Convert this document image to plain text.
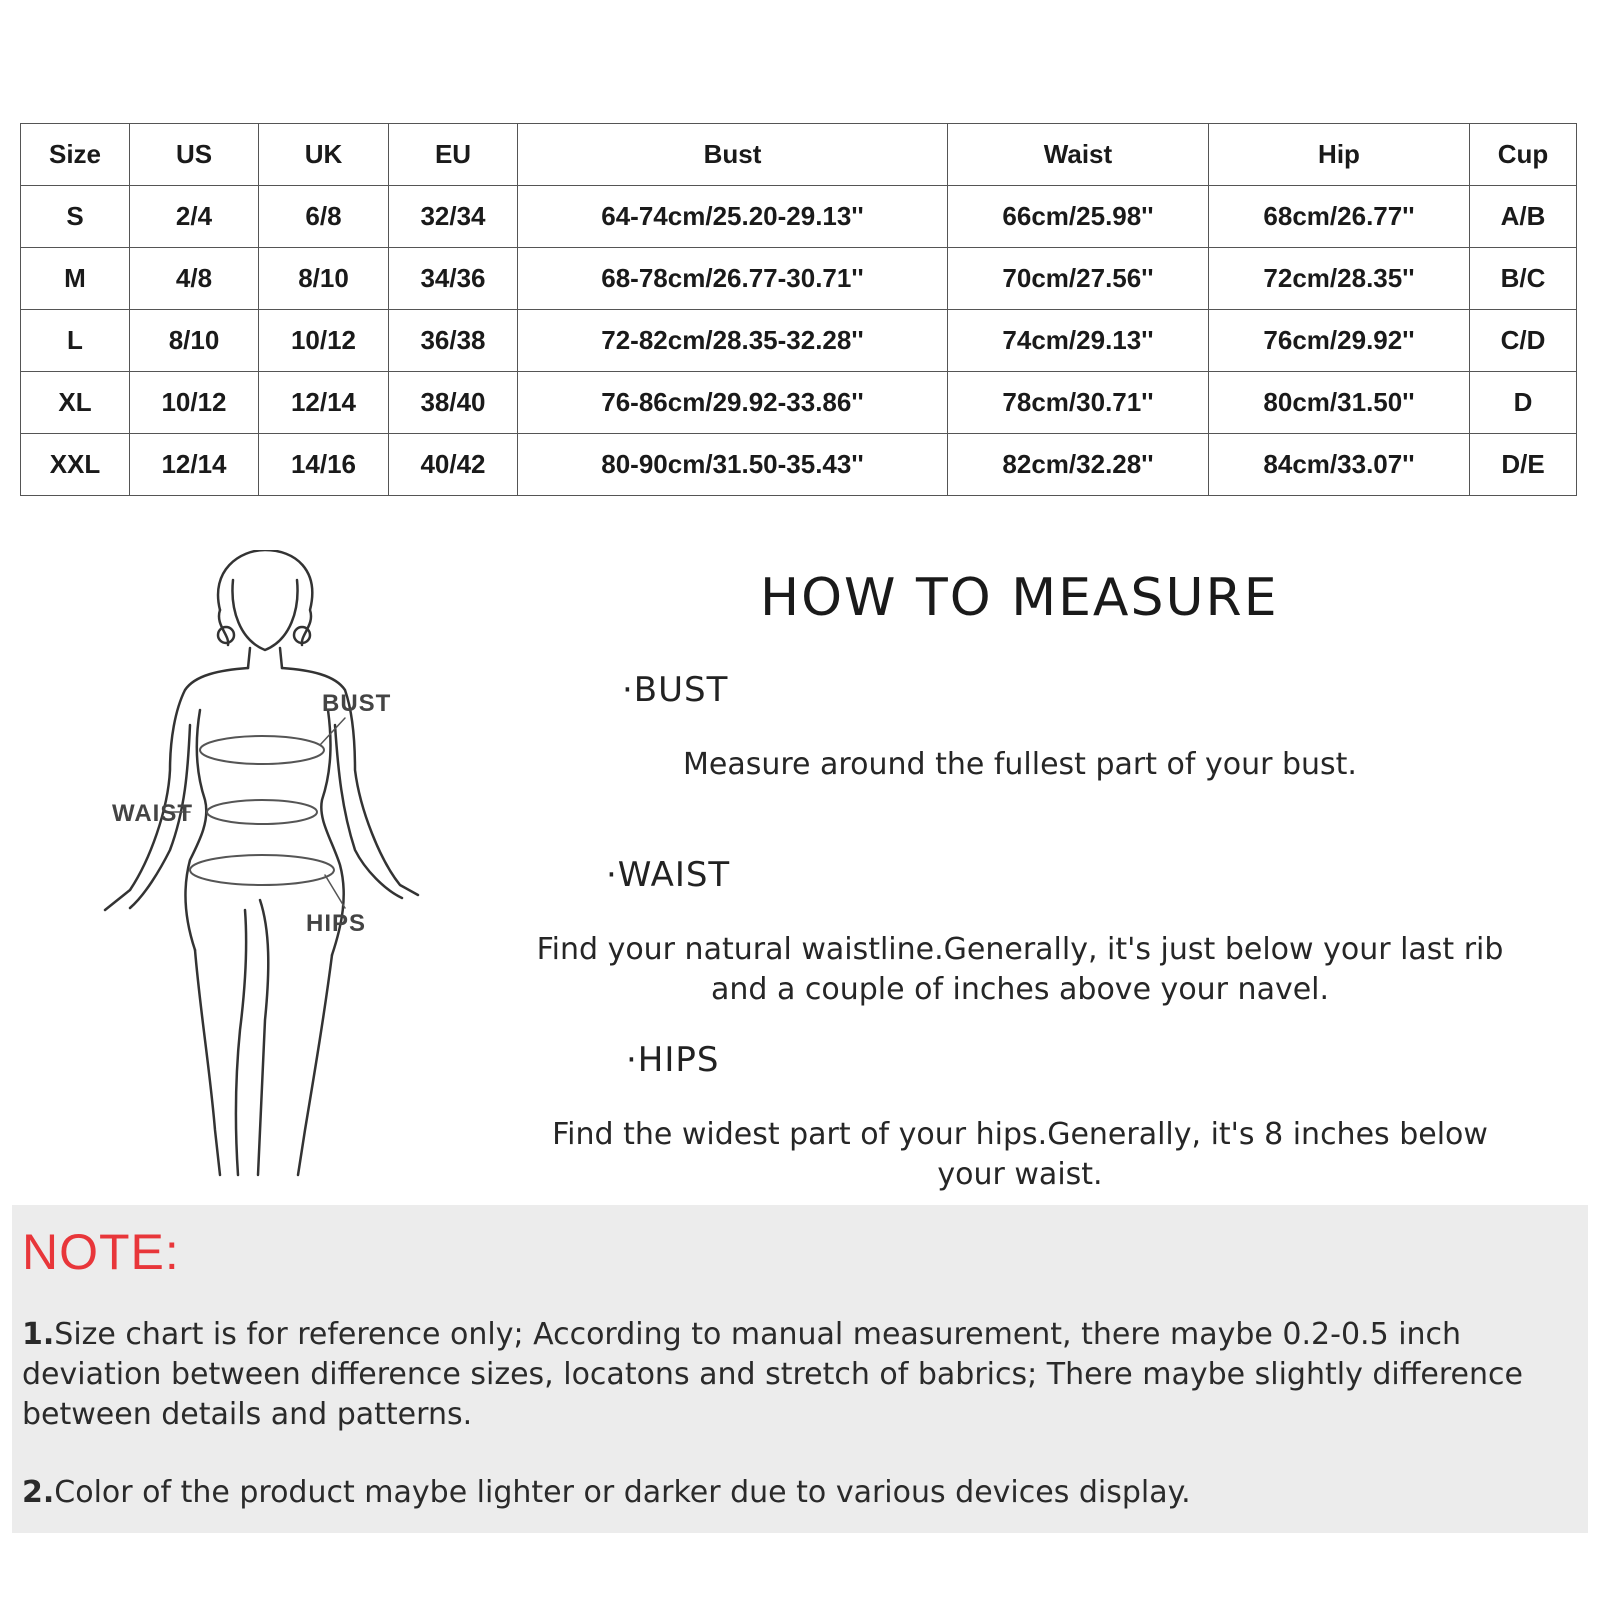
Size	US	UK	EU	Bust	Waist	Hip	Cup
S	2/4	6/8	32/34	64-74cm/25.20-29.13''	66cm/25.98''	68cm/26.77''	A/B
M	4/8	8/10	34/36	68-78cm/26.77-30.71''	70cm/27.56''	72cm/28.35''	B/C
L	8/10	10/12	36/38	72-82cm/28.35-32.28''	74cm/29.13''	76cm/29.92''	C/D
XL	10/12	12/14	38/40	76-86cm/29.92-33.86''	78cm/30.71''	80cm/31.50''	D
XXL	12/14	14/16	40/42	80-90cm/31.50-35.43''	82cm/32.28''	84cm/33.07''	D/E
BUST
WAIST
HIPS
HOW TO MEASURE
·BUST
Measure around the fullest part of your bust.
·WAIST
Find your natural waistline.Generally, it's just below your last rib
and a couple of inches above your navel.
·HIPS
Find the widest part of your hips.Generally, it's 8 inches below
your waist.
NOTE:
1.Size chart is for reference only; According to manual measurement, there maybe 0.2-0.5 inch deviation between difference sizes, locatons and stretch of babrics; There maybe slightly difference between details and patterns.
2.Color of the product maybe lighter or darker due to various devices display.
